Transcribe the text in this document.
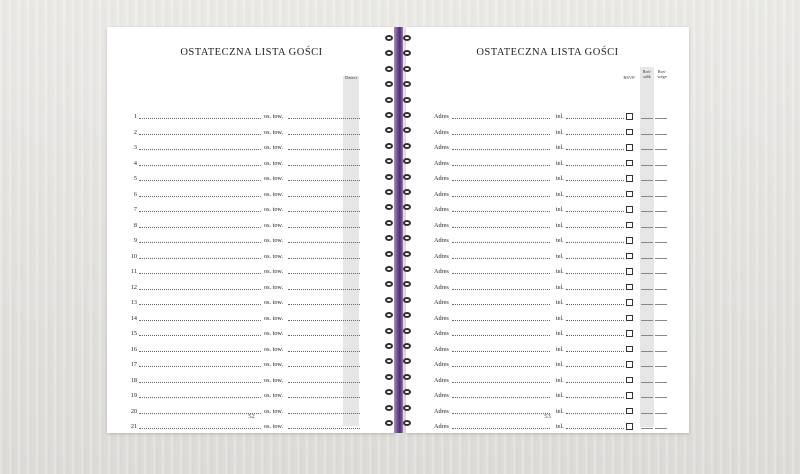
OSTATECZNA LISTA GOŚCI
Dzieci
1	os. tow.
2	os. tow.
3	os. tow.
4	os. tow.
5	os. tow.
6	os. tow.
7	os. tow.
8	os. tow.
9	os. tow.
10	os. tow.
11	os. tow.
12	os. tow.
13	os. tow.
14	os. tow.
15	os. tow.
16	os. tow.
17	os. tow.
18	os. tow.
19	os. tow.
20	os. tow.
21	os. tow.
52
OSTATECZNA LISTA GOŚCI
RSVP
Roś-
sołk
Roś-
wege
Adres	tel.
Adres	tel.
Adres	tel.
Adres	tel.
Adres	tel.
Adres	tel.
Adres	tel.
Adres	tel.
Adres	tel.
Adres	tel.
Adres	tel.
Adres	tel.
Adres	tel.
Adres	tel.
Adres	tel.
Adres	tel.
Adres	tel.
Adres	tel.
Adres	tel.
Adres	tel.
Adres	tel.
53
